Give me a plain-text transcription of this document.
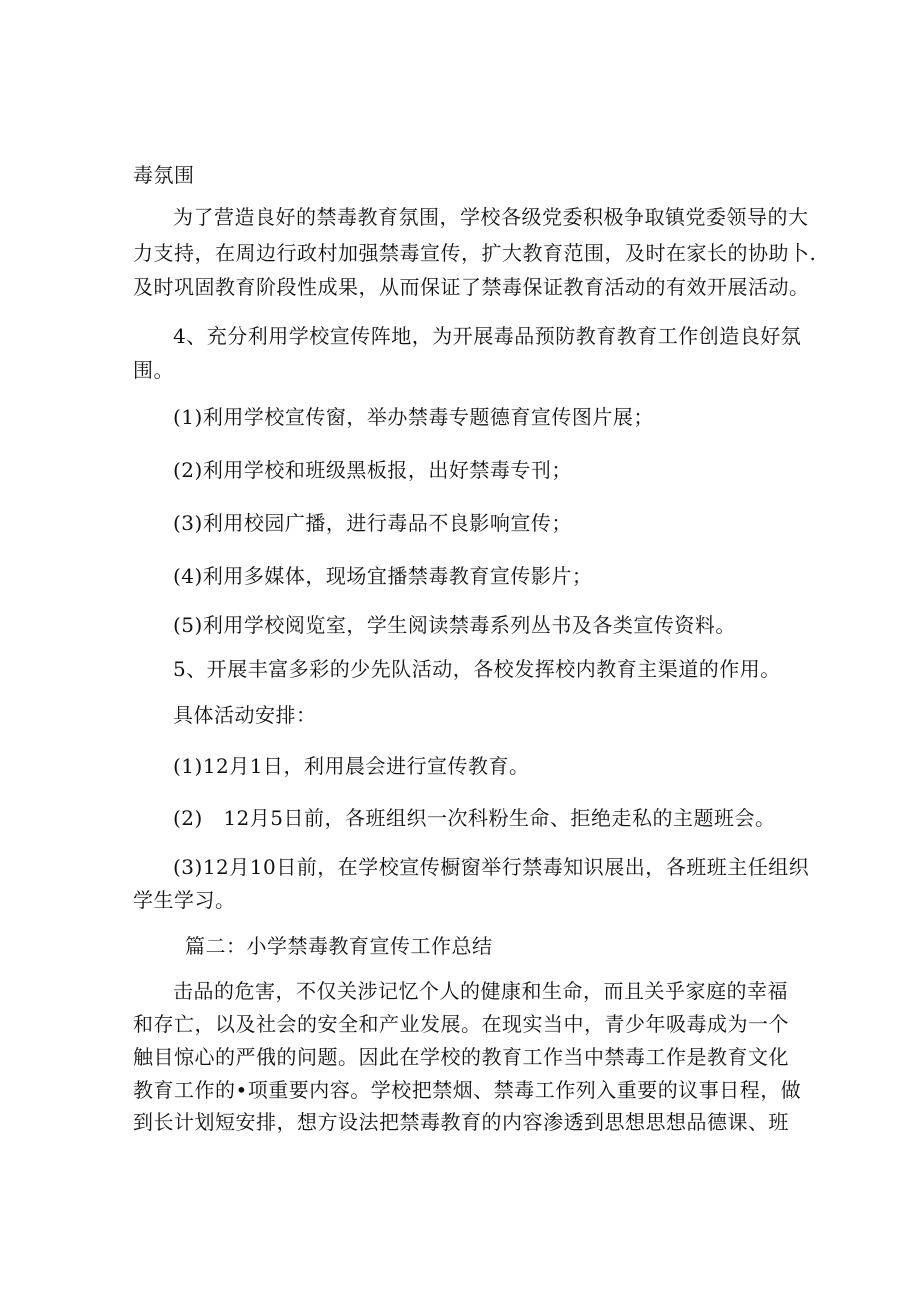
毒氛围
为了营造良好的禁毒教育氛围，学校各级党委积极争取镇党委领导的大
力支持，在周边行政村加强禁毒宣传，扩大教育范围，及时在家长的协助卜.
及时巩固教育阶段性成果，从而保证了禁毒保证教育活动的有效开展活动。
4、充分利用学校宣传阵地，为开展毒品预防教育教育工作创造良好氛
围。
(1)利用学校宣传窗，举办禁毒专题德育宣传图片展；
(2)利用学校和班级黑板报，出好禁毒专刊；
(3)利用校园广播，进行毒品不良影响宣传；
(4)利用多媒体，现场宜播禁毒教育宣传影片；
(5)利用学校阅览室，学生阅读禁毒系列丛书及各类宣传资料。
5、开展丰富多彩的少先队活动，各校发挥校内教育主渠道的作用。
具体活动安排：
(1)12月1日，利用晨会进行宣传教育。
(2)　12月5日前，各班组织一次科粉生命、拒绝走私的主题班会。
(3)12月10日前，在学校宣传橱窗举行禁毒知识展出，各班班主任组织
学生学习。
篇二：小学禁毒教育宣传工作总结
击品的危害，不仅关涉记忆个人的健康和生命，而且关乎家庭的幸福
和存亡，以及社会的安全和产业发展。在现实当中，青少年吸毒成为一个
触目惊心的严俄的问题。因此在学校的教育工作当中禁毒工作是教育文化
教育工作的•项重要内容。学校把禁烟、禁毒工作列入重要的议事日程，做
到长计划短安排，想方设法把禁毒教育的内容渗透到思想思想品德课、班
